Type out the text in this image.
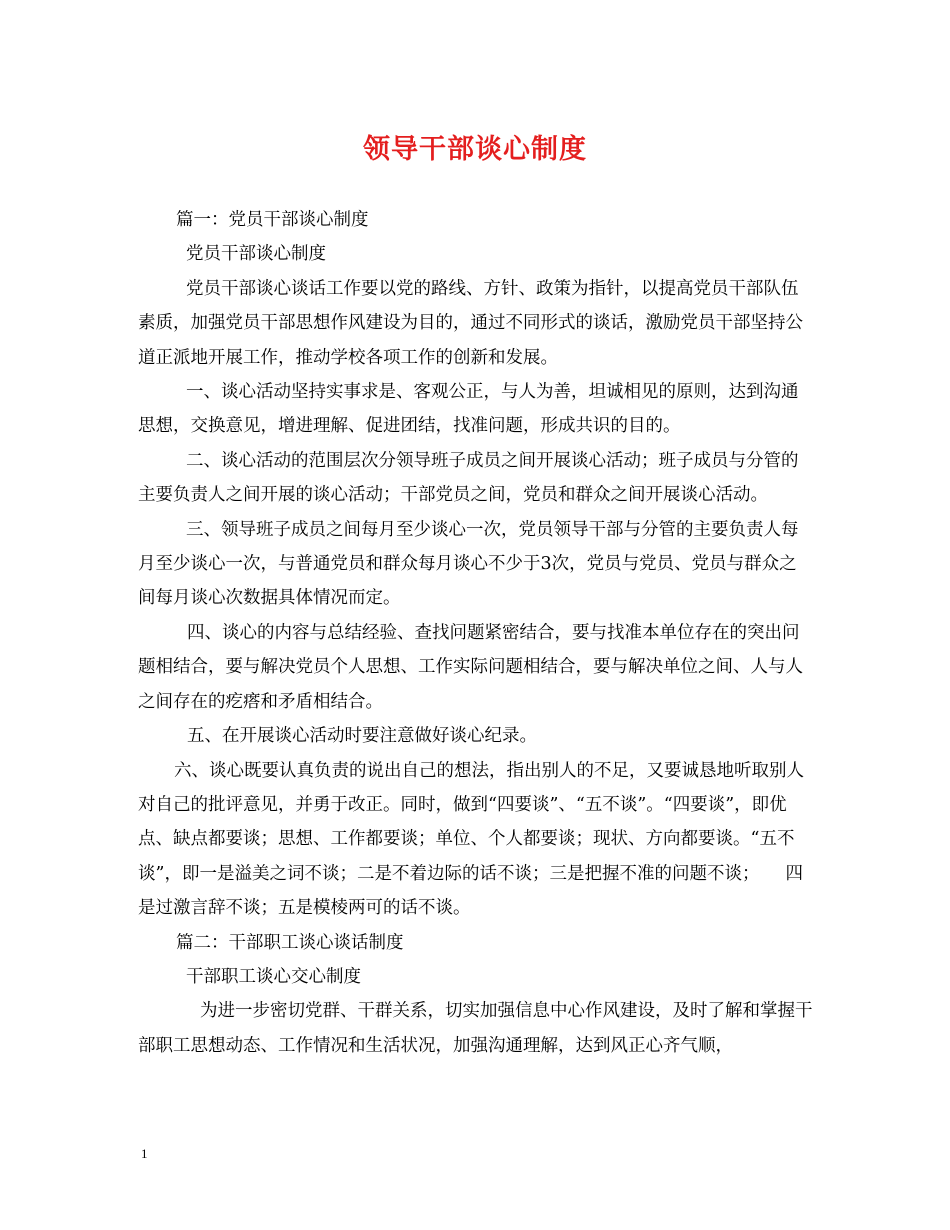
领导干部谈心制度

篇一：党员干部谈心制度

党员干部谈心制度

党员干部谈心谈话工作要以党的路线、方针、政策为指针，以提高党员干部队伍素质，加强党员干部思想作风建设为目的，通过不同形式的谈话，激励党员干部坚持公道正派地开展工作，推动学校各项工作的创新和发展。

一、谈心活动坚持实事求是、客观公正，与人为善，坦诚相见的原则，达到沟通思想，交换意见，增进理解、促进团结，找准问题，形成共识的目的。

二、谈心活动的范围层次分领导班子成员之间开展谈心活动；班子成员与分管的主要负责人之间开展的谈心活动；干部党员之间，党员和群众之间开展谈心活动。

三、领导班子成员之间每月至少谈心一次，党员领导干部与分管的主要负责人每月至少谈心一次，与普通党员和群众每月谈心不少于3次，党员与党员、党员与群众之间每月谈心次数据具体情况而定。

四、谈心的内容与总结经验、查找问题紧密结合，要与找准本单位存在的突出问题相结合，要与解决党员个人思想、工作实际问题相结合，要与解决单位之间、人与人之间存在的疙瘩和矛盾相结合。

五、在开展谈心活动时要注意做好谈心纪录。

六、谈心既要认真负责的说出自己的想法，指出别人的不足，又要诚恳地听取别人对自己的批评意见，并勇于改正。同时，做到“四要谈”、“五不谈”。“四要谈”，即优点、缺点都要谈；思想、工作都要谈；单位、个人都要谈；现状、方向都要谈。“五不谈”，即一是溢美之词不谈；二是不着边际的话不谈；三是把握不准的问题不谈； 四是过激言辞不谈；五是模棱两可的话不谈。

篇二：干部职工谈心谈话制度

干部职工谈心交心制度

为进一步密切党群、干群关系，切实加强信息中心作风建设，及时了解和掌握干部职工思想动态、工作情况和生活状况，加强沟通理解，达到风正心齐气顺，

1
